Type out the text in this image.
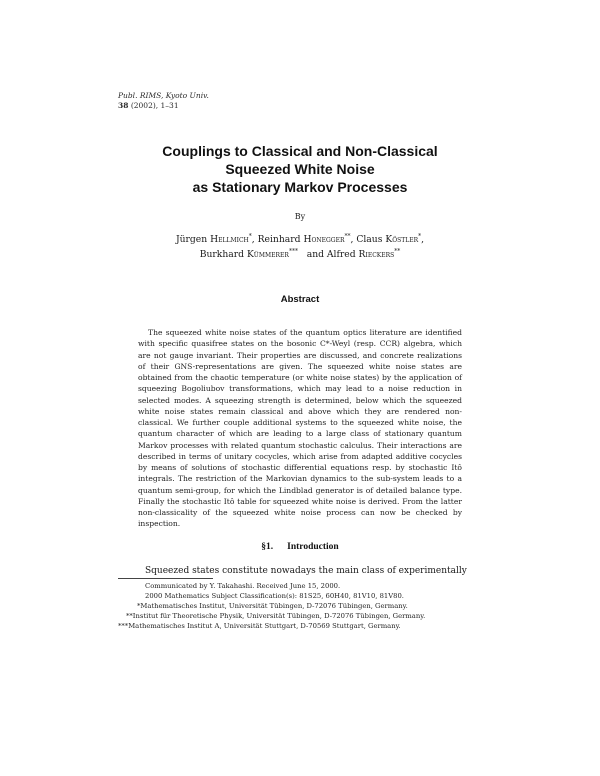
Publ. RIMS, Kyoto Univ.
38 (2002), 1–31
Couplings to Classical and Non-Classical
Squeezed White Noise
as Stationary Markov Processes
By
Jürgen Hellmich*, Reinhard Honegger**, Claus Köstler*,
Burkhard Kümmerer*** and Alfred Rieckers**
Abstract
The squeezed white noise states of the quantum optics literature are identified with specific quasifree states on the bosonic C*-Weyl (resp. CCR) algebra, which are not gauge invariant. Their properties are discussed, and concrete realizations of their GNS-representations are given. The squeezed white noise states are obtained from the chaotic temperature (or white noise states) by the application of squeezing Bogoliubov transformations, which may lead to a noise reduction in selected modes. A squeezing strength is determined, below which the squeezed white noise states remain classical and above which they are rendered non-classical. We further couple additional systems to the squeezed white noise, the quantum character of which are leading to a large class of stationary quantum Markov processes with related quantum stochastic calculus. Their interactions are described in terms of unitary cocycles, which arise from adapted additive cocycles by means of solutions of stochastic differential equations resp. by stochastic Itô integrals. The restriction of the Markovian dynamics to the sub-system leads to a quantum semi-group, for which the Lindblad generator is of detailed balance type. Finally the stochastic Itô table for squeezed white noise is derived. From the latter non-classicality of the squeezed white noise process can now be checked by inspection.
§1. Introduction
Squeezed states constitute nowadays the main class of experimentally
Communicated by Y. Takahashi. Received June 15, 2000.
2000 Mathematics Subject Classification(s): 81S25, 60H40, 81V10, 81V80.
*Mathematisches Institut, Universität Tübingen, D-72076 Tübingen, Germany.
**Institut für Theoretische Physik, Universität Tübingen, D-72076 Tübingen, Germany.
***Mathematisches Institut A, Universität Stuttgart, D-70569 Stuttgart, Germany.
